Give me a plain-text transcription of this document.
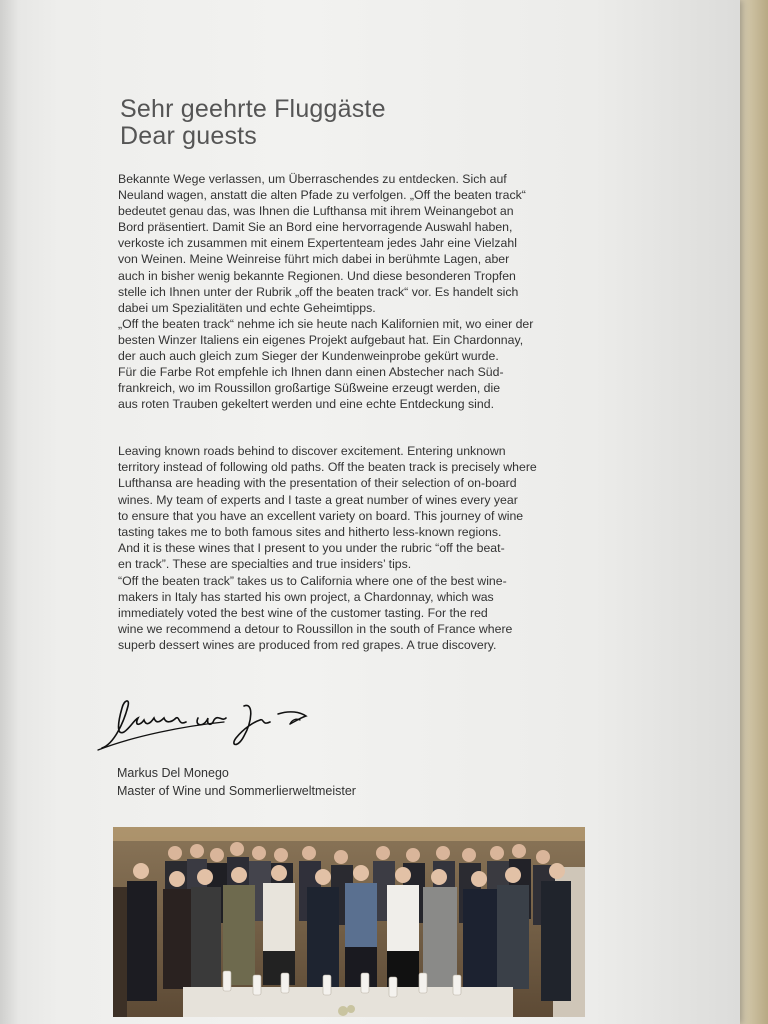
Sehr geehrte Fluggäste
Dear guests

Bekannte Wege verlassen, um Überraschendes zu entdecken. Sich auf
Neuland wagen, anstatt die alten Pfade zu verfolgen. „Off the beaten track“
bedeutet genau das, was Ihnen die Lufthansa mit ihrem Weinangebot an
Bord präsentiert. Damit Sie an Bord eine hervorragende Auswahl haben,
verkoste ich zusammen mit einem Expertenteam jedes Jahr eine Vielzahl
von Weinen. Meine Weinreise führt mich dabei in berühmte Lagen, aber
auch in bisher wenig bekannte Regionen. Und diese besonderen Tropfen
stelle ich Ihnen unter der Rubrik „off the beaten track“ vor. Es handelt sich
dabei um Spezialitäten und echte Geheimtipps.
„Off the beaten track“ nehme ich sie heute nach Kalifornien mit, wo einer der
besten Winzer Italiens ein eigenes Projekt aufgebaut hat. Ein Chardonnay,
der auch auch gleich zum Sieger der Kundenweinprobe gekürt wurde.
Für die Farbe Rot empfehle ich Ihnen dann einen Abstecher nach Süd-
frankreich, wo im Roussillon großartige Süßweine erzeugt werden, die
aus roten Trauben gekeltert werden und eine echte Entdeckung sind.

Leaving known roads behind to discover excitement. Entering unknown
territory instead of following old paths. Off the beaten track is precisely where
Lufthansa are heading with the presentation of their selection of on-board
wines. My team of experts and I taste a great number of wines every year
to ensure that you have an excellent variety on board. This journey of wine
tasting takes me to both famous sites and hitherto less-known regions.
And it is these wines that I present to you under the rubric “off the beat-
en track”. These are specialties and true insiders’ tips.
“Off the beaten track” takes us to California where one of the best wine-
makers in Italy has started his own project, a Chardonnay, which was
immediately voted the best wine of the customer tasting. For the red
wine we recommend a detour to Roussillon in the south of France where
superb dessert wines are produced from red grapes. A true discovery.

Markus Del Monego
Master of Wine und Sommerlierweltmeister
